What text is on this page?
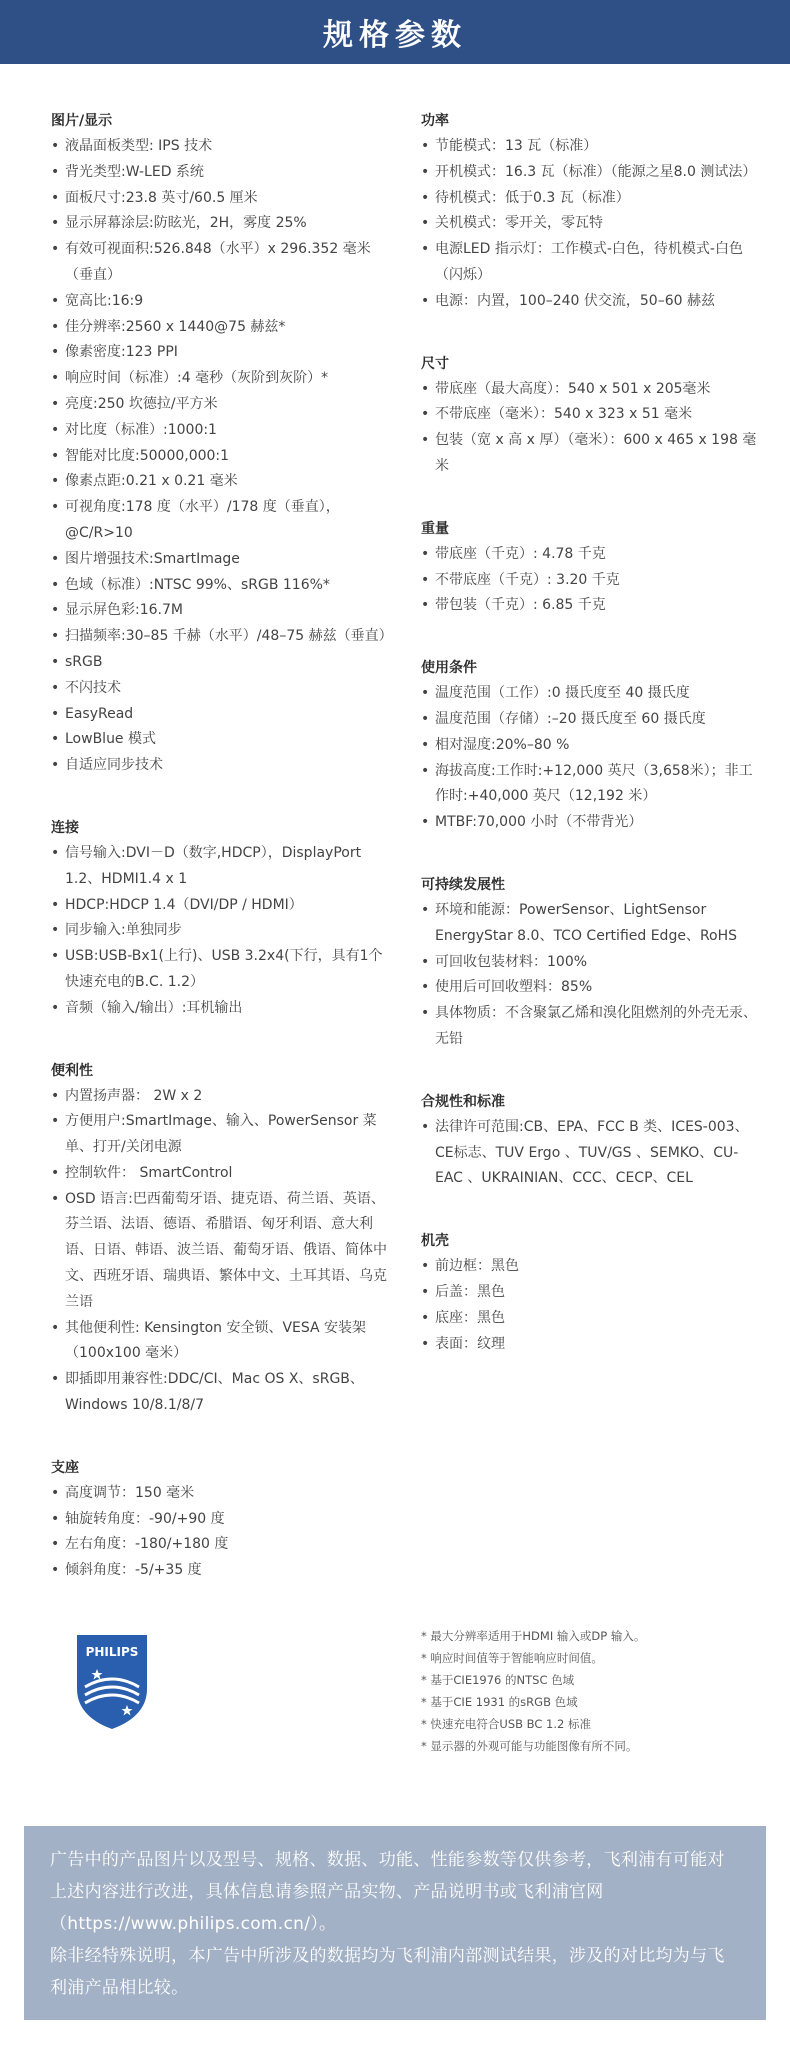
规格参数
图片/显示
• 液晶面板类型: IPS 技术
• 背光类型:W-LED 系统
• 面板尺寸:23.8 英寸/60.5 厘米
• 显示屏幕涂层:防眩光，2H，雾度 25%
• 有效可视面积:526.848（水平）x 296.352 毫米（垂直）
• 宽高比:16:9
• 佳分辨率:2560 x 1440@75 赫兹*
• 像素密度:123 PPI
• 响应时间（标准）:4 毫秒（灰阶到灰阶）*
• 亮度:250 坎德拉/平方米
• 对比度（标准）:1000:1
• 智能对比度:50000,000:1
• 像素点距:0.21 x 0.21 毫米
• 可视角度:178 度（水平）/178 度（垂直），@C/R>10
• 图片增强技术:SmartImage
• 色域（标准）:NTSC 99%、sRGB 116%*
• 显示屏色彩:16.7M
• 扫描频率:30–85 千赫（水平）/48–75 赫兹（垂直）
• sRGB
• 不闪技术
• EasyRead
• LowBlue 模式
• 自适应同步技术
连接
• 信号输入:DVI－D（数字,HDCP），DisplayPort 1.2、HDMI1.4 x 1
• HDCP:HDCP 1.4（DVI/DP / HDMI）
• 同步输入:单独同步
• USB:USB-Bx1(上行)、USB 3.2x4(下行，具有1个快速充电的B.C. 1.2）
• 音频（输入/输出）:耳机输出
便利性
• 内置扬声器： 2W x 2
• 方便用户:SmartImage、输入、PowerSensor 菜单、打开/关闭电源
• 控制软件： SmartControl
• OSD 语言:巴西葡萄牙语、捷克语、荷兰语、英语、芬兰语、法语、德语、希腊语、匈牙利语、意大利语、日语、韩语、波兰语、葡萄牙语、俄语、简体中文、西班牙语、瑞典语、繁体中文、土耳其语、乌克兰语
• 其他便利性: Kensington 安全锁、VESA 安装架（100x100 毫米）
• 即插即用兼容性:DDC/CI、Mac OS X、sRGB、Windows 10/8.1/8/7
支座
• 高度调节：150 毫米
• 轴旋转角度：-90/+90 度
• 左右角度：-180/+180 度
• 倾斜角度：-5/+35 度
功率
• 节能模式：13 瓦（标准）
• 开机模式：16.3 瓦（标准）（能源之星8.0 测试法）
• 待机模式：低于0.3 瓦（标准）
• 关机模式：零开关，零瓦特
• 电源LED 指示灯：工作模式-白色，待机模式-白色（闪烁）
• 电源：内置，100–240 伏交流，50–60 赫兹
尺寸
• 带底座（最大高度）：540 x 501 x 205毫米
• 不带底座（毫米）：540 x 323 x 51 毫米
• 包装（宽 x 高 x 厚）（毫米）：600 x 465 x 198 毫米
重量
• 带底座（千克）: 4.78 千克
• 不带底座（千克）: 3.20 千克
• 带包装（千克）: 6.85 千克
使用条件
• 温度范围（工作）:0 摄氏度至 40 摄氏度
• 温度范围（存储）:–20 摄氏度至 60 摄氏度
• 相对湿度:20%–80 %
• 海拔高度:工作时:+12,000 英尺（3,658米）；非工作时:+40,000 英尺（12,192 米）
• MTBF:70,000 小时（不带背光）
可持续发展性
• 环境和能源：PowerSensor、LightSensor EnergyStar 8.0、TCO Certified Edge、RoHS
• 可回收包装材料：100%
• 使用后可回收塑料：85%
• 具体物质：不含聚氯乙烯和溴化阻燃剂的外壳无汞、无铅
合规性和标准
• 法律许可范围:CB、EPA、FCC B 类、ICES-003、CE标志、TUV Ergo 、TUV/GS 、SEMKO、CU-EAC 、UKRAINIAN、CCC、CECP、CEL
机壳
• 前边框：黑色
• 后盖：黑色
• 底座：黑色
• 表面：纹理
PHILIPS
* 最大分辨率适用于HDMI 输入或DP 输入。
* 响应时间值等于智能响应时间值。
* 基于CIE1976 的NTSC 色域
* 基于CIE 1931 的sRGB 色域
* 快速充电符合USB BC 1.2 标准
* 显示器的外观可能与功能图像有所不同。

广告中的产品图片以及型号、规格、数据、功能、性能参数等仅供参考，飞利浦有可能对上述内容进行改进，具体信息请参照产品实物、产品说明书或飞利浦官网（https://www.philips.com.cn/）。

除非经特殊说明，本广告中所涉及的数据均为飞利浦内部测试结果，涉及的对比均为与飞利浦产品相比较。
